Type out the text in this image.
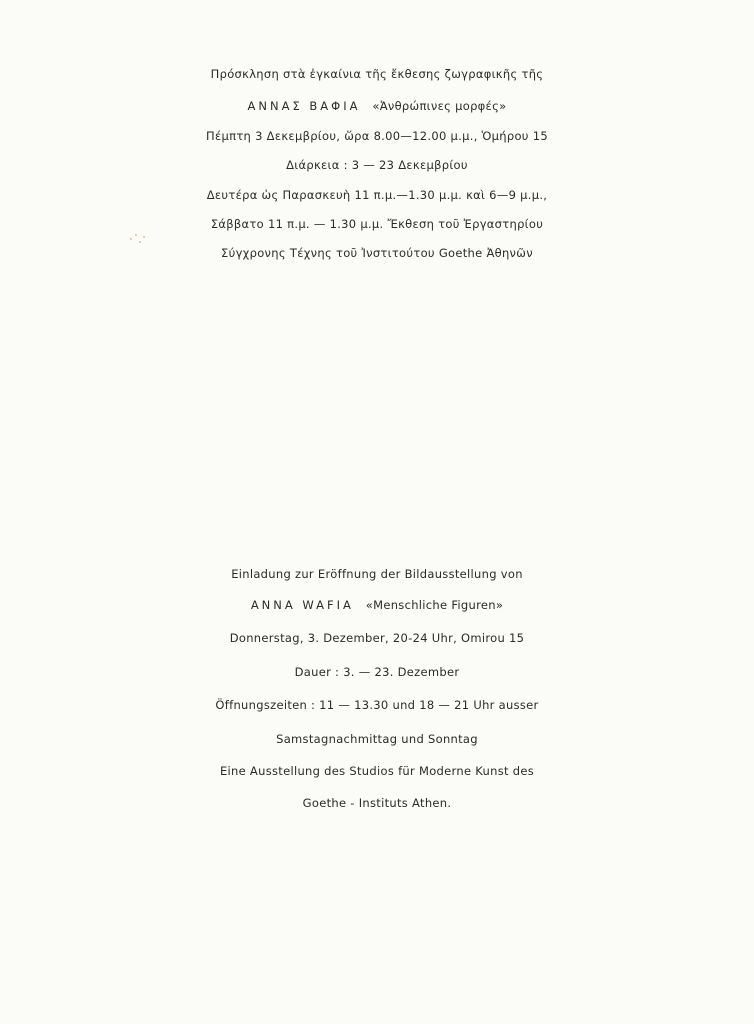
Πρόσκληση στὰ ἐγκαίνια τῆς ἔκθεσης ζωγραφικῆς τῆς
ΑΝΝΑΣ ΒΑΦΙΑ «Ἀνθρώπινες μορφές»
Πέμπτη 3 Δεκεμβρίου, ὥρα 8.00—12.00 μ.μ., Ὁμήρου 15
Διάρκεια : 3 — 23 Δεκεμβρίου
Δευτέρα ὡς Παρασκευὴ 11 π.μ.—1.30 μ.μ. καὶ 6—9 μ.μ.,
Σάββατο 11 π.μ. — 1.30 μ.μ. Ἔκθεση τοῦ Ἐργαστηρίου
Σύγχρονης Τέχνης τοῦ Ἰνστιτούτου Goethe Ἀθηνῶν
Einladung zur Eröffnung der Bildausstellung von
ANNA WAFIA «Menschliche Figuren»
Donnerstag, 3. Dezember, 20-24 Uhr, Omirou 15
Dauer : 3. — 23. Dezember
Öffnungszeiten : 11 — 13.30 und 18 — 21 Uhr ausser
Samstagnachmittag und Sonntag
Eine Ausstellung des Studios für Moderne Kunst des
Goethe - Instituts Athen.
